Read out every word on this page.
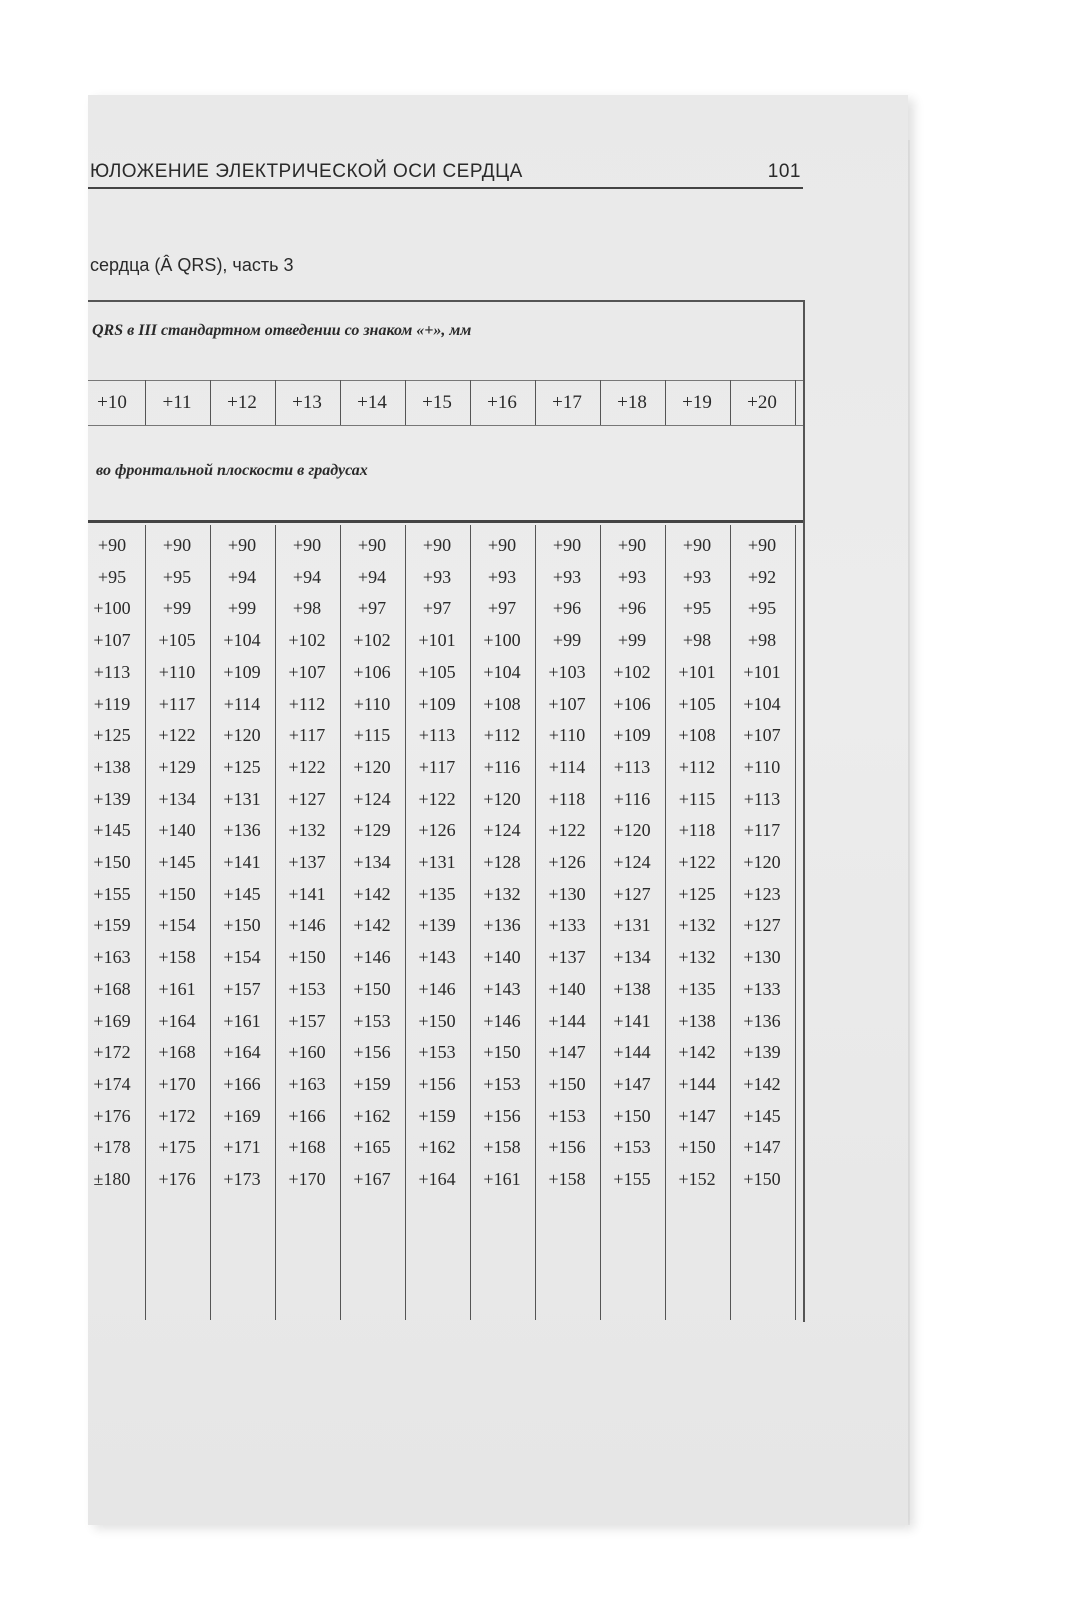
ЮЛОЖЕНИЕ ЭЛЕКТРИЧЕСКОЙ ОСИ СЕРДЦА	101
сердца (Â QRS), часть 3
QRS в III стандартном отведении со знаком «+», мм
+10	+11	+12	+13	+14	+15	+16	+17	+18	+19	+20
во фронтальной плоскости в градусах
+90	+90	+90	+90	+90	+90	+90	+90	+90	+90	+90
+95	+95	+94	+94	+94	+93	+93	+93	+93	+93	+92
+100	+99	+99	+98	+97	+97	+97	+96	+96	+95	+95
+107	+105	+104	+102	+102	+101	+100	+99	+99	+98	+98
+113	+110	+109	+107	+106	+105	+104	+103	+102	+101	+101
+119	+117	+114	+112	+110	+109	+108	+107	+106	+105	+104
+125	+122	+120	+117	+115	+113	+112	+110	+109	+108	+107
+138	+129	+125	+122	+120	+117	+116	+114	+113	+112	+110
+139	+134	+131	+127	+124	+122	+120	+118	+116	+115	+113
+145	+140	+136	+132	+129	+126	+124	+122	+120	+118	+117
+150	+145	+141	+137	+134	+131	+128	+126	+124	+122	+120
+155	+150	+145	+141	+142	+135	+132	+130	+127	+125	+123
+159	+154	+150	+146	+142	+139	+136	+133	+131	+132	+127
+163	+158	+154	+150	+146	+143	+140	+137	+134	+132	+130
+168	+161	+157	+153	+150	+146	+143	+140	+138	+135	+133
+169	+164	+161	+157	+153	+150	+146	+144	+141	+138	+136
+172	+168	+164	+160	+156	+153	+150	+147	+144	+142	+139
+174	+170	+166	+163	+159	+156	+153	+150	+147	+144	+142
+176	+172	+169	+166	+162	+159	+156	+153	+150	+147	+145
+178	+175	+171	+168	+165	+162	+158	+156	+153	+150	+147
±180	+176	+173	+170	+167	+164	+161	+158	+155	+152	+150
